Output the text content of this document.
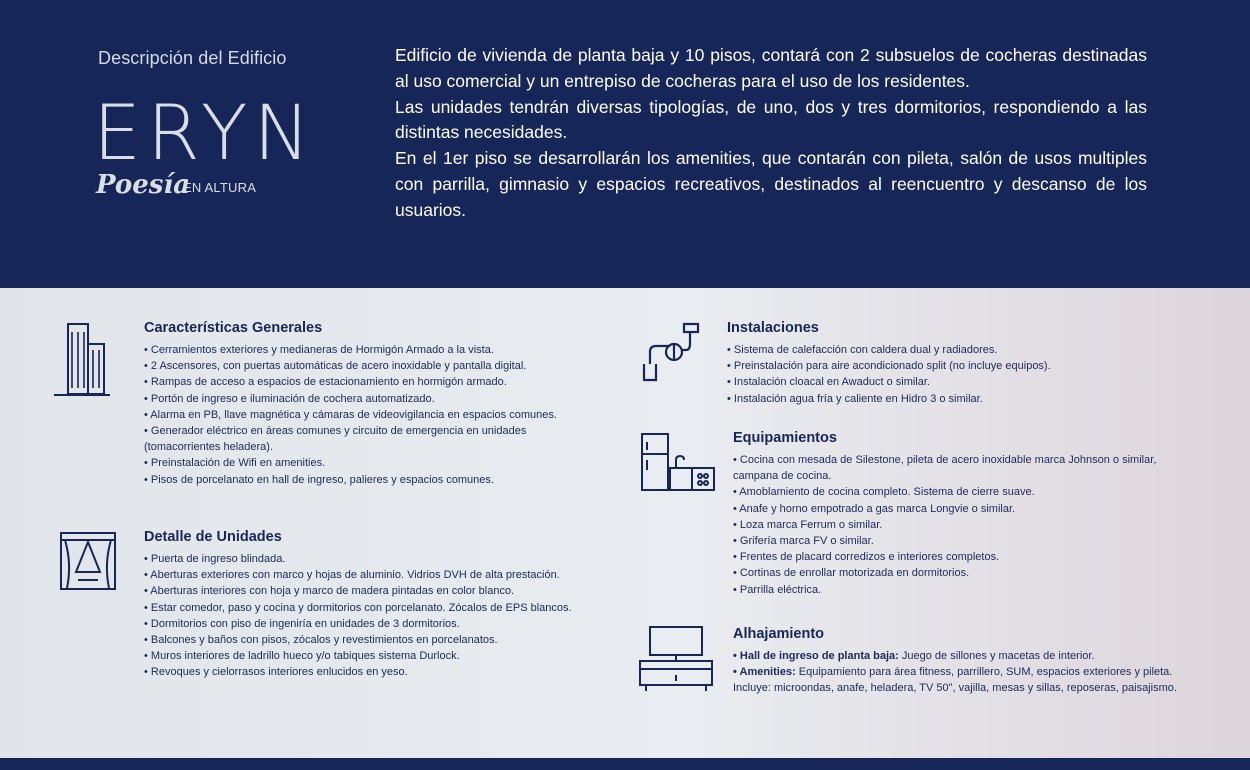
Descripción del Edificio
ERYN
Poesía
EN ALTURA

Edificio de vivienda de planta baja y 10 pisos, contará con 2 subsuelos de cocheras destinadas al uso comercial y un entrepiso de cocheras para el uso de los residentes.

Las unidades tendrán diversas tipologías, de uno, dos y tres dormitorios, respondiendo a las distintas necesidades.

En el 1er piso se desarrollarán los amenities, que contarán con pileta, salón de usos multiples con parrilla, gimnasio y espacios recreativos, destinados al reencuentro y descanso de los usuarios.

Características Generales
• Cerramientos exteriores y medianeras de Hormigón Armado a la vista.
• 2 Ascensores, con puertas automáticas de acero inoxidable y pantalla digital.
• Rampas de acceso a espacios de estacionamiento en hormigón armado.
• Portón de ingreso e iluminación de cochera automatizado.
• Alarma en PB, llave magnética y cámaras de videovigilancia en espacios comunes.
• Generador eléctrico en áreas comunes y circuito de emergencia en unidades
(tomacorrientes heladera).
• Preinstalación de Wifi en amenities.
• Pisos de porcelanato en hall de ingreso, palieres y espacios comunes.
Detalle de Unidades
• Puerta de ingreso blindada.
• Aberturas exteriores con marco y hojas de aluminio. Vidrios DVH de alta prestación.
• Aberturas interiores con hoja y marco de madera pintadas en color blanco.
• Estar comedor, paso y cocina y dormitorios con porcelanato. Zócalos de EPS blancos.
• Dormitorios con piso de ingeniría en unidades de 3 dormitorios.
• Balcones y baños con pisos, zócalos y revestimientos en porcelanatos.
• Muros interiores de ladrillo hueco y/o tabiques sistema Durlock.
• Revoques y cielorrasos interiores enlucidos en yeso.
Instalaciones
• Sistema de calefacción con caldera dual y radiadores.
• Preinstalación para aire acondicionado split (no incluye equipos).
• Instalación cloacal en Awaduct o similar.
• Instalación agua fría y caliente en Hidro 3 o similar.
Equipamientos
• Cocina con mesada de Silestone, pileta de acero inoxidable marca Johnson o similar,
campana de cocina.
• Amoblamiento de cocina completo. Sistema de cierre suave.
• Anafe y horno empotrado a gas marca Longvie o similar.
• Loza marca Ferrum o similar.
• Grifería marca FV o similar.
• Frentes de placard corredizos e interiores completos.
• Cortinas de enrollar motorizada en dormitorios.
• Parrilla eléctrica.
Alhajamiento
• Hall de ingreso de planta baja: Juego de sillones y macetas de interior.
• Amenities: Equipamiento para área fitness, parrillero, SUM, espacios exteriores y pileta.
Incluye: microondas, anafe, heladera, TV 50", vajilla, mesas y sillas, reposeras, paisajismo.
